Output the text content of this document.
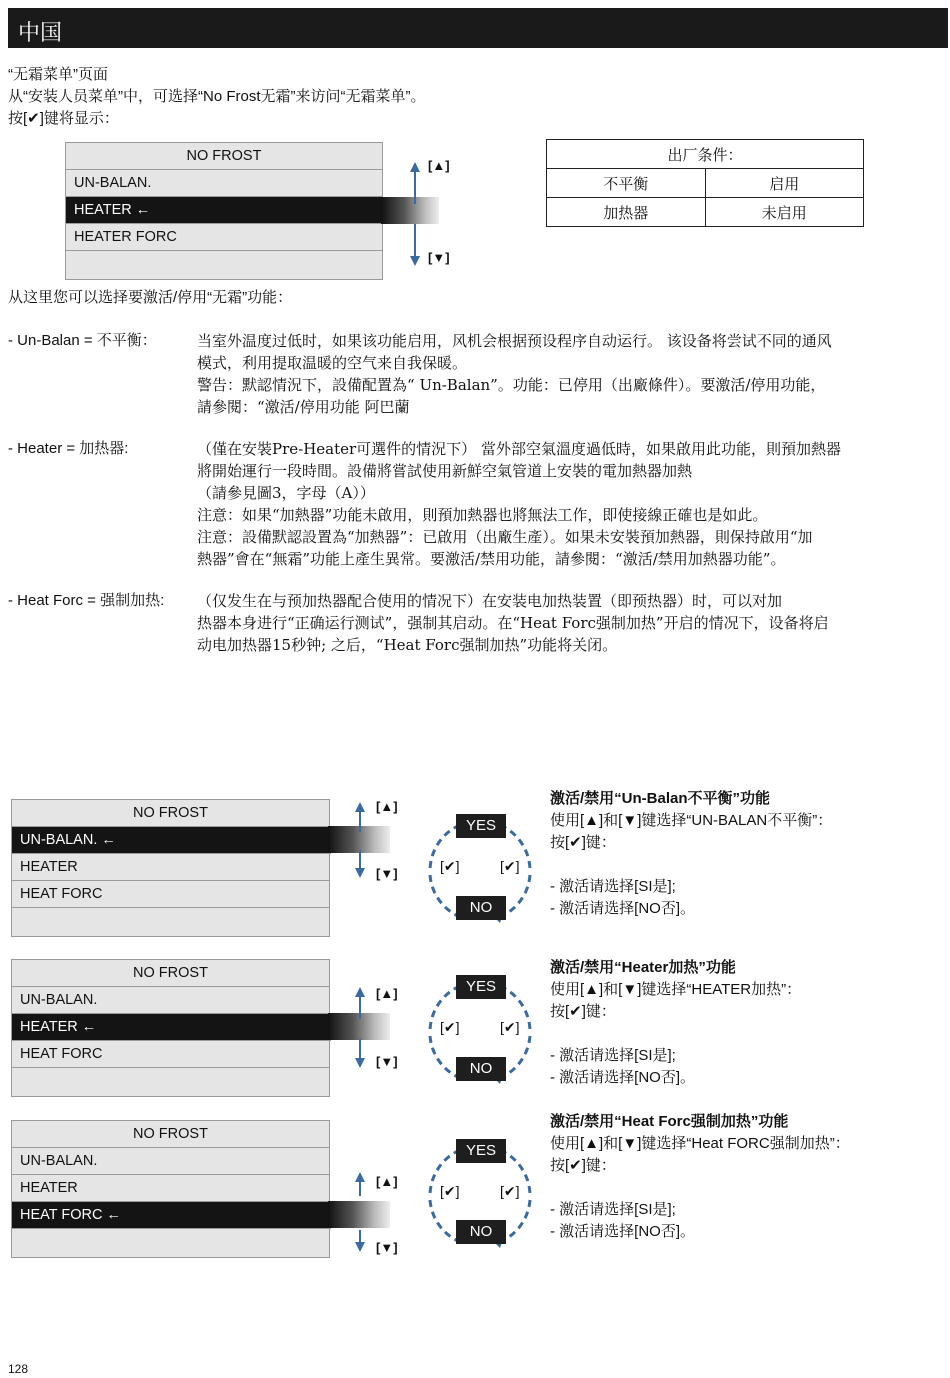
中国
“无霜菜单”页面
从“安装人员菜单”中，可选择“No Frost无霜”来访问“无霜菜单”。
按[✔]键将显示：
NO FROST
UN-BALAN.
HEATER ←
HEATER FORC
[▲]
[▼]
出厂条件：	
不平衡	启用
加热器	未启用
从这里您可以选择要激活/停用“无霜”功能：
- Un-Balan = 不平衡：	当室外温度过低时，如果该功能启用，风机会根据预设程序自动运行。 该设备将尝试不同的通风
模式，利用提取温暖的空气来自我保暖。
警告：默認情況下，設備配置為“ Un-Balan”。功能：已停用（出廠條件）。要激活/停用功能，
請參閱：“激活/停用功能 阿巴蘭
- Heater = 加热器:	（僅在安裝Pre-Heater可選件的情況下） 當外部空氣溫度過低時，如果啟用此功能，則預加熱器
將開始運行一段時間。設備將嘗試使用新鮮空氣管道上安裝的電加熱器加熱
（請參見圖3，字母（A））
注意：如果“加熱器”功能未啟用，則預加熱器也將無法工作，即使接線正確也是如此。
注意：設備默認設置為“加熱器”：已啟用（出廠生產）。如果未安裝預加熱器，則保持啟用“加
熱器”會在“無霜”功能上產生異常。要激活/禁用功能，請參閱：“激活/禁用加熱器功能”。
- Heat Forc = 强制加热: （仅发生在与预加热器配合使用的情况下）在安装电加热装置（即预热器）时，可以对加
热器本身进行“正确运行测试”，强制其启动。在“Heat Forc强制加热”开启的情况下，设备将启
动电加热器15秒钟; 之后，“Heat Forc强制加热”功能将关闭。
NO FROST
UN-BALAN. ←
HEATER
HEAT FORC
NO FROST
UN-BALAN.
HEATER ←
HEAT FORC
NO FROST
UN-BALAN.
HEATER
HEAT FORC ←
[▲]
[▼]
[▲]
[▼]
[▲]
[▼]
YES
NO
[✔]	[✔]
YES
NO
[✔]	[✔]
YES
NO
[✔]	[✔]
激活/禁用“Un-Balan不平衡”功能
使用[▲]和[▼]键选择“UN-BALAN不平衡”：
按[✔]键：
- 激活请选择[SI是];
- 激活请选择[NO否]。
激活/禁用“Heater加热”功能
使用[▲]和[▼]键选择“HEATER加热”：
按[✔]键：
- 激活请选择[SI是];
- 激活请选择[NO否]。
激活/禁用“Heat Forc强制加热”功能
使用[▲]和[▼]键选择“Heat FORC强制加热”：
按[✔]键：
- 激活请选择[SI是];
- 激活请选择[NO否]。
128
